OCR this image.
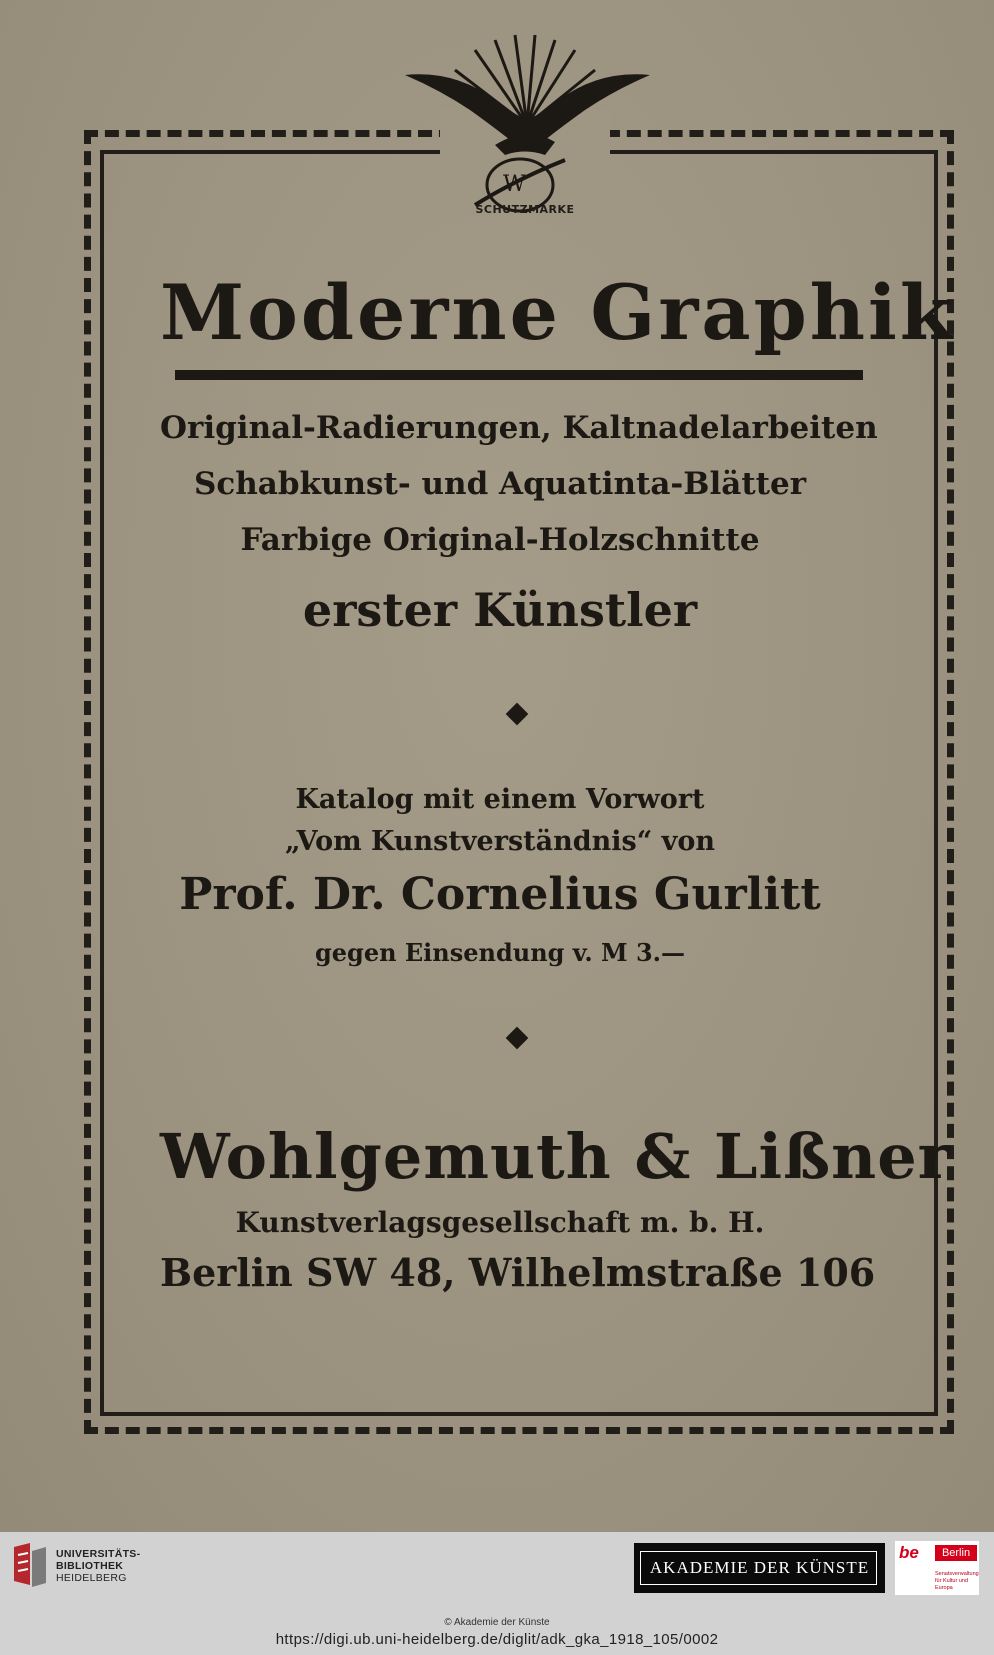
W
SCHUTZMARKE
Moderne Graphik
Original-Radierungen, Kaltnadelarbeiten
Schabkunst- und Aquatinta-Blätter
Farbige Original-Holzschnitte
erster Künstler
Katalog mit einem Vorwort
„Vom Kunstverständnis“ von
Prof. Dr. Cornelius Gurlitt
gegen Einsendung v. M 3.—
Wohlgemuth & Lißner
Kunstverlagsgesellschaft m. b. H.
Berlin SW 48, Wilhelmstraße 106
UNIVERSITÄTS-
BIBLIOTHEK
HEIDELBERG
AKADEMIE DER KÜNSTE
be	Berlin
Senatsverwaltung für Kultur und Europa
© Akademie der Künste
https://digi.ub.uni-heidelberg.de/diglit/adk_gka_1918_105/0002
